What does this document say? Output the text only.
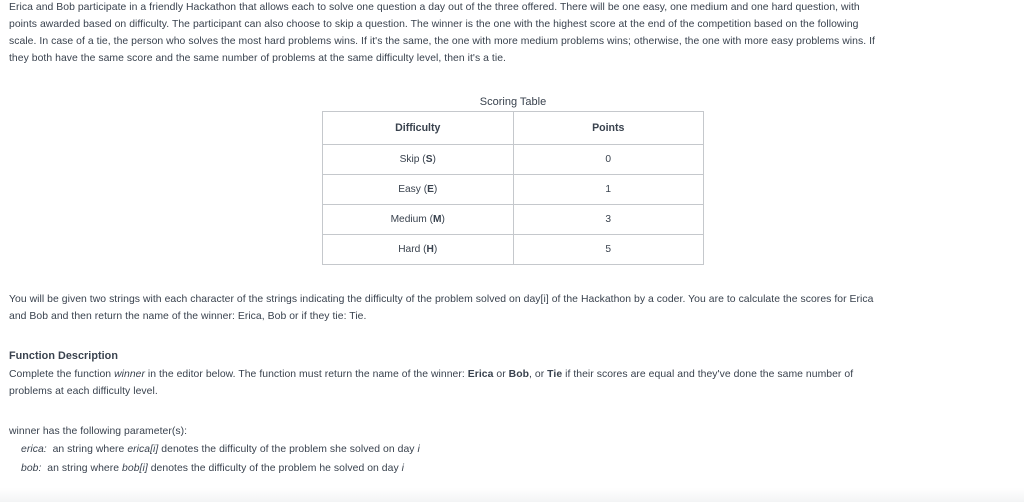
Erica and Bob participate in a friendly Hackathon that allows each to solve one question a day out of the three offered. There will be one easy, one medium and one hard question, with

points awarded based on difficulty. The participant can also choose to skip a question. The winner is the one with the highest score at the end of the competition based on the following

scale. In case of a tie, the person who solves the most hard problems wins. If it's the same, the one with more medium problems wins; otherwise, the one with more easy problems wins. If

they both have the same score and the same number of problems at the same difficulty level, then it's a tie.

Scoring Table
Difficulty	Points
Skip (S)	0
Easy (E)	1
Medium (M)	3
Hard (H)	5

You will be given two strings with each character of the strings indicating the difficulty of the problem solved on day[i] of the Hackathon by a coder. You are to calculate the scores for Erica

and Bob and then return the name of the winner: Erica, Bob or if they tie: Tie.

Function Description

Complete the function winner in the editor below. The function must return the name of the winner: Erica or Bob, or Tie if their scores are equal and they've done the same number of

problems at each difficulty level.

winner has the following parameter(s):

erica:  an string where erica[i] denotes the difficulty of the problem she solved on day i

bob:  an string where bob[i] denotes the difficulty of the problem he solved on day i
